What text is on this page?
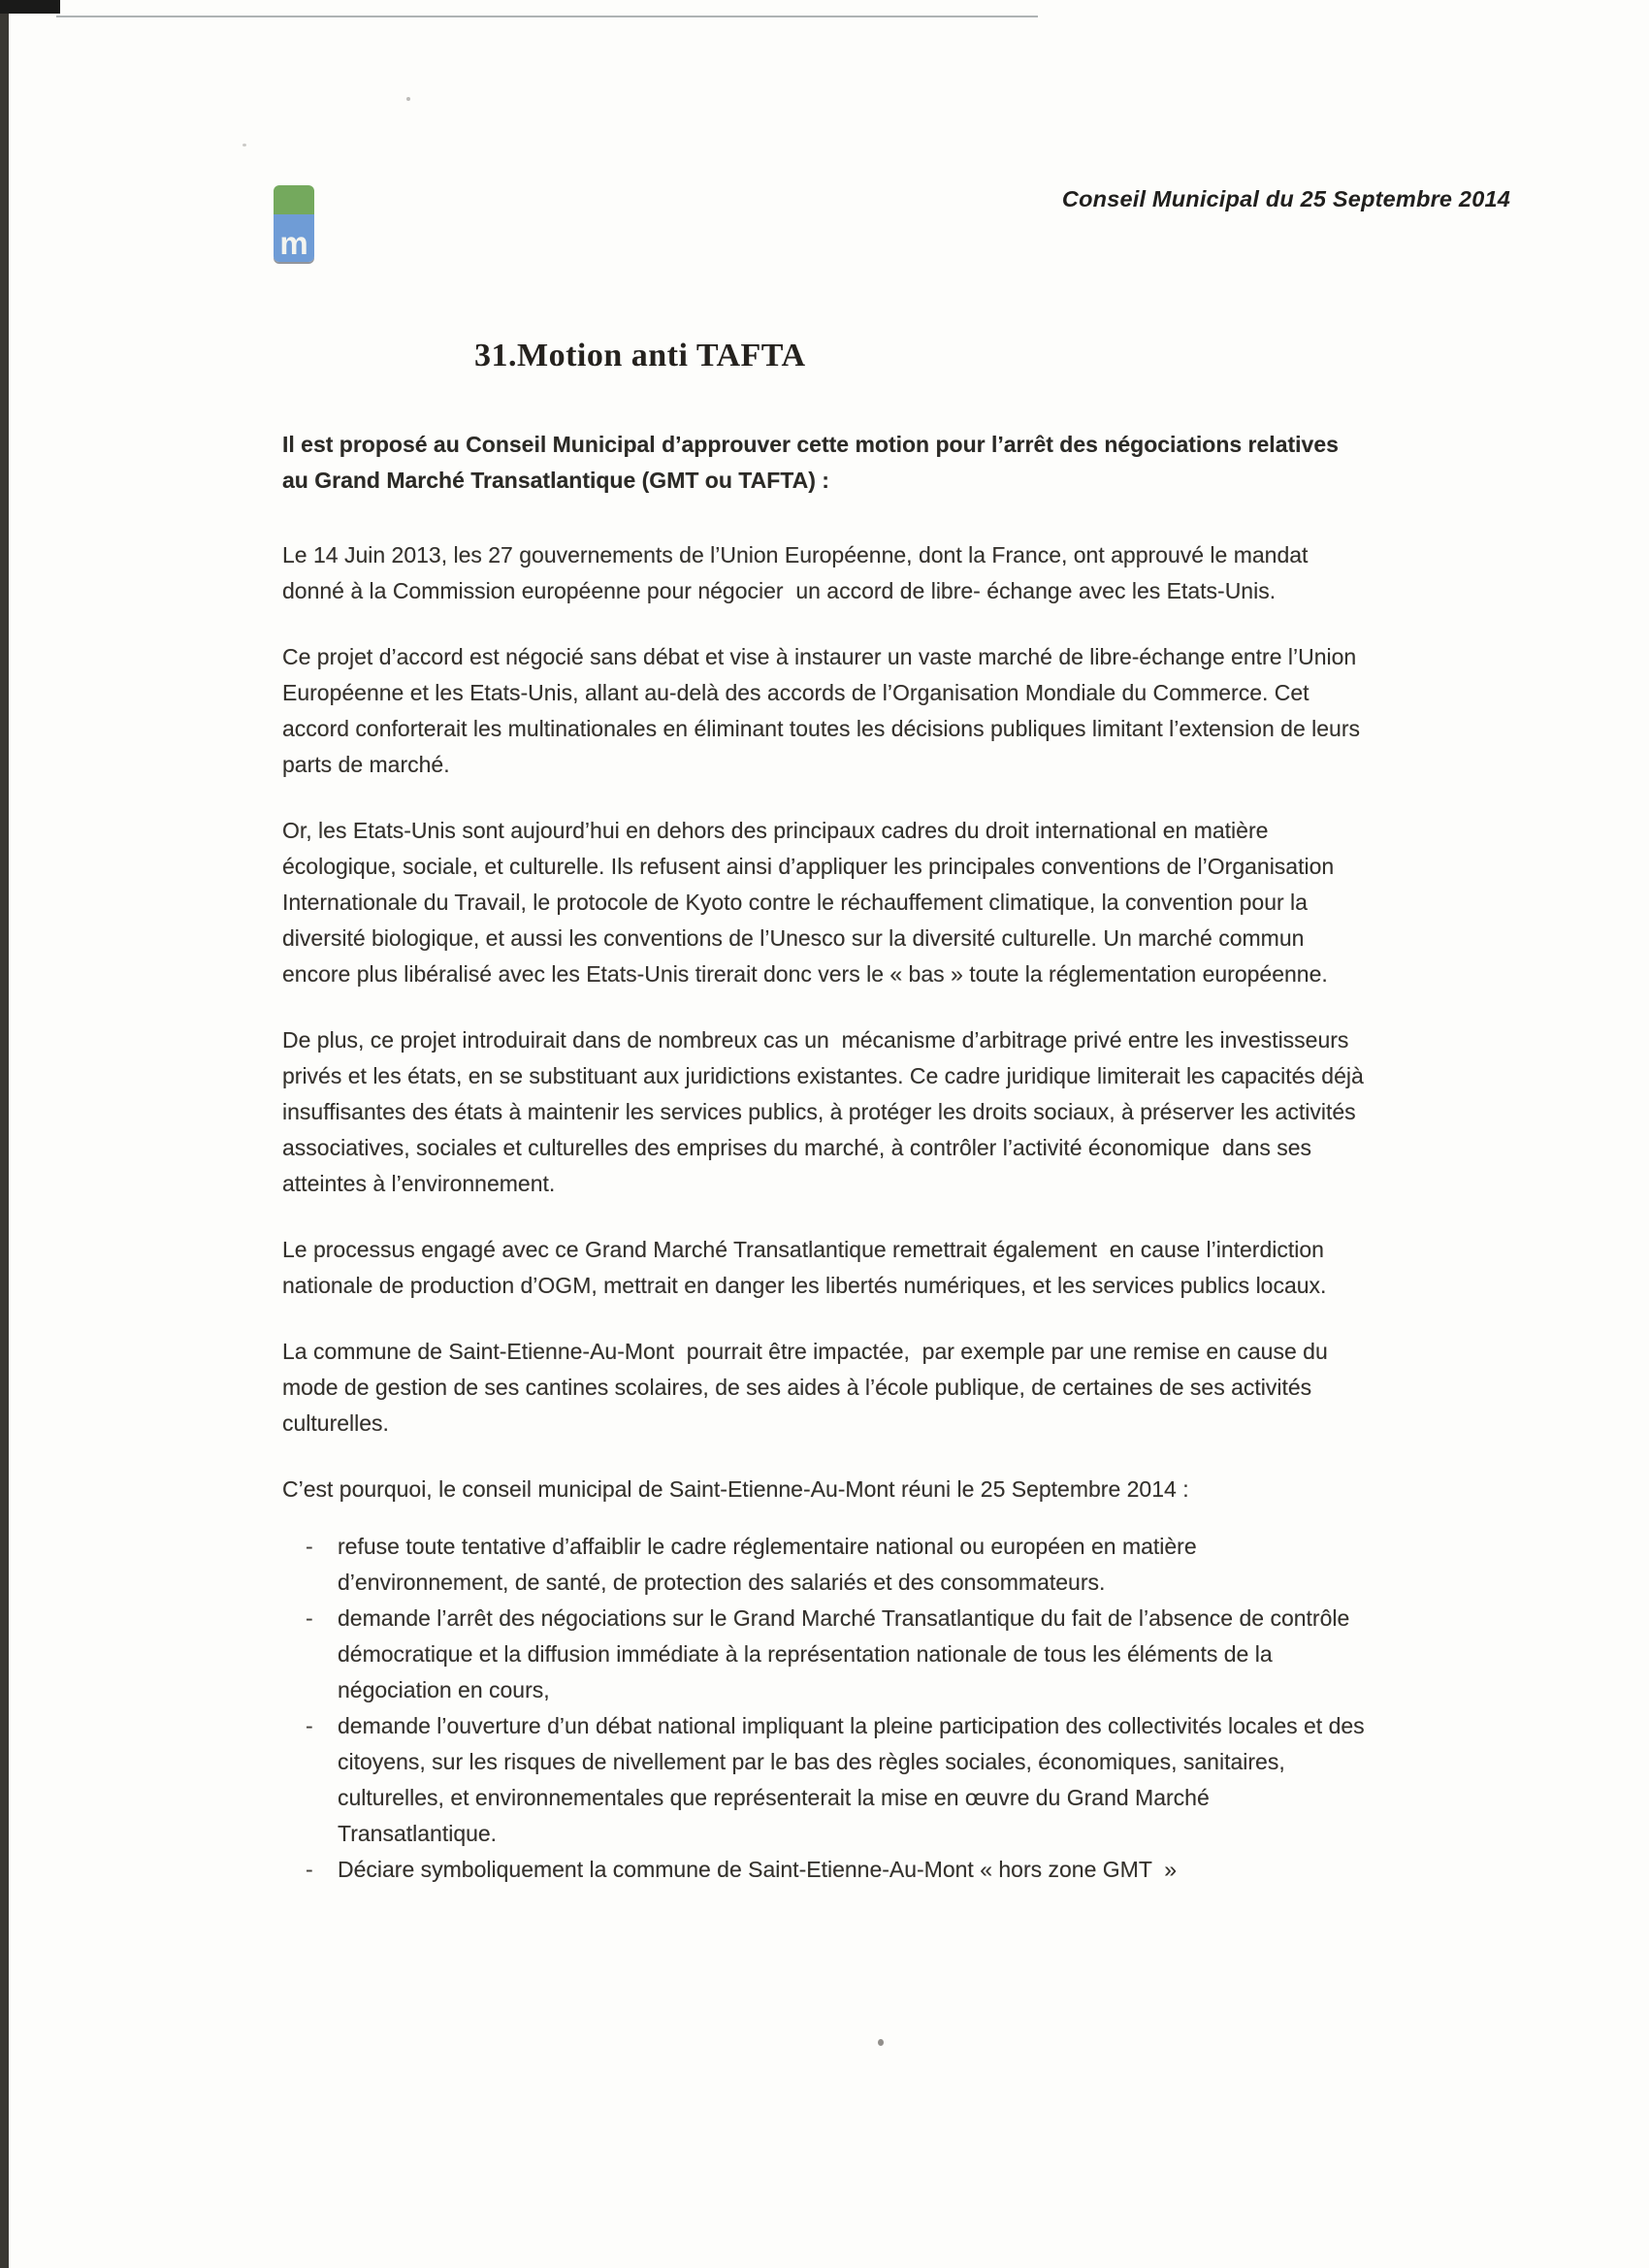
m
Conseil Municipal du 25 Septembre 2014
31.Motion anti TAFTA

Il est proposé au Conseil Municipal d’approuver cette motion pour l’arrêt des négociations relatives au Grand Marché Transatlantique (GMT ou TAFTA) :

Le 14 Juin 2013, les 27 gouvernements de l’Union Européenne, dont la France, ont approuvé le mandat donné à la Commission européenne pour négocier  un accord de libre- échange avec les Etats-Unis.

Ce projet d’accord est négocié sans débat et vise à instaurer un vaste marché de libre-échange entre l’Union Européenne et les Etats-Unis, allant au-delà des accords de l’Organisation Mondiale du Commerce. Cet accord conforterait les multinationales en éliminant toutes les décisions publiques limitant l’extension de leurs parts de marché.

Or, les Etats-Unis sont aujourd’hui en dehors des principaux cadres du droit international en matière écologique, sociale, et culturelle. Ils refusent ainsi d’appliquer les principales conventions de l’Organisation Internationale du Travail, le protocole de Kyoto contre le réchauffement climatique, la convention pour la diversité biologique, et aussi les conventions de l’Unesco sur la diversité culturelle. Un marché commun encore plus libéralisé avec les Etats-Unis tirerait donc vers le « bas » toute la réglementation européenne.

De plus, ce projet introduirait dans de nombreux cas un  mécanisme d’arbitrage privé entre les investisseurs privés et les états, en se substituant aux juridictions existantes. Ce cadre juridique limiterait les capacités déjà insuffisantes des états à maintenir les services publics, à protéger les droits sociaux, à préserver les activités associatives, sociales et culturelles des emprises du marché, à contrôler l’activité économique  dans ses atteintes à l’environnement.

Le processus engagé avec ce Grand Marché Transatlantique remettrait également  en cause l’interdiction nationale de production d’OGM, mettrait en danger les libertés numériques, et les services publics locaux.

La commune de Saint-Etienne-Au-Mont  pourrait être impactée,  par exemple par une remise en cause du mode de gestion de ses cantines scolaires, de ses aides à l’école publique, de certaines de ses activités culturelles.

C’est pourquoi, le conseil municipal de Saint-Etienne-Au-Mont réuni le 25 Septembre 2014 :

-	refuse toute tentative d’affaiblir le cadre réglementaire national ou européen en matière d’environnement, de santé, de protection des salariés et des consommateurs.
-	demande l’arrêt des négociations sur le Grand Marché Transatlantique du fait de l’absence de contrôle démocratique et la diffusion immédiate à la représentation nationale de tous les éléments de la négociation en cours,
-	demande l’ouverture d’un débat national impliquant la pleine participation des collectivités locales et des citoyens, sur les risques de nivellement par le bas des règles sociales, économiques, sanitaires, culturelles, et environnementales que représenterait la mise en œuvre du Grand Marché Transatlantique.
-	Déciare symboliquement la commune de Saint-Etienne-Au-Mont « hors zone GMT  »
